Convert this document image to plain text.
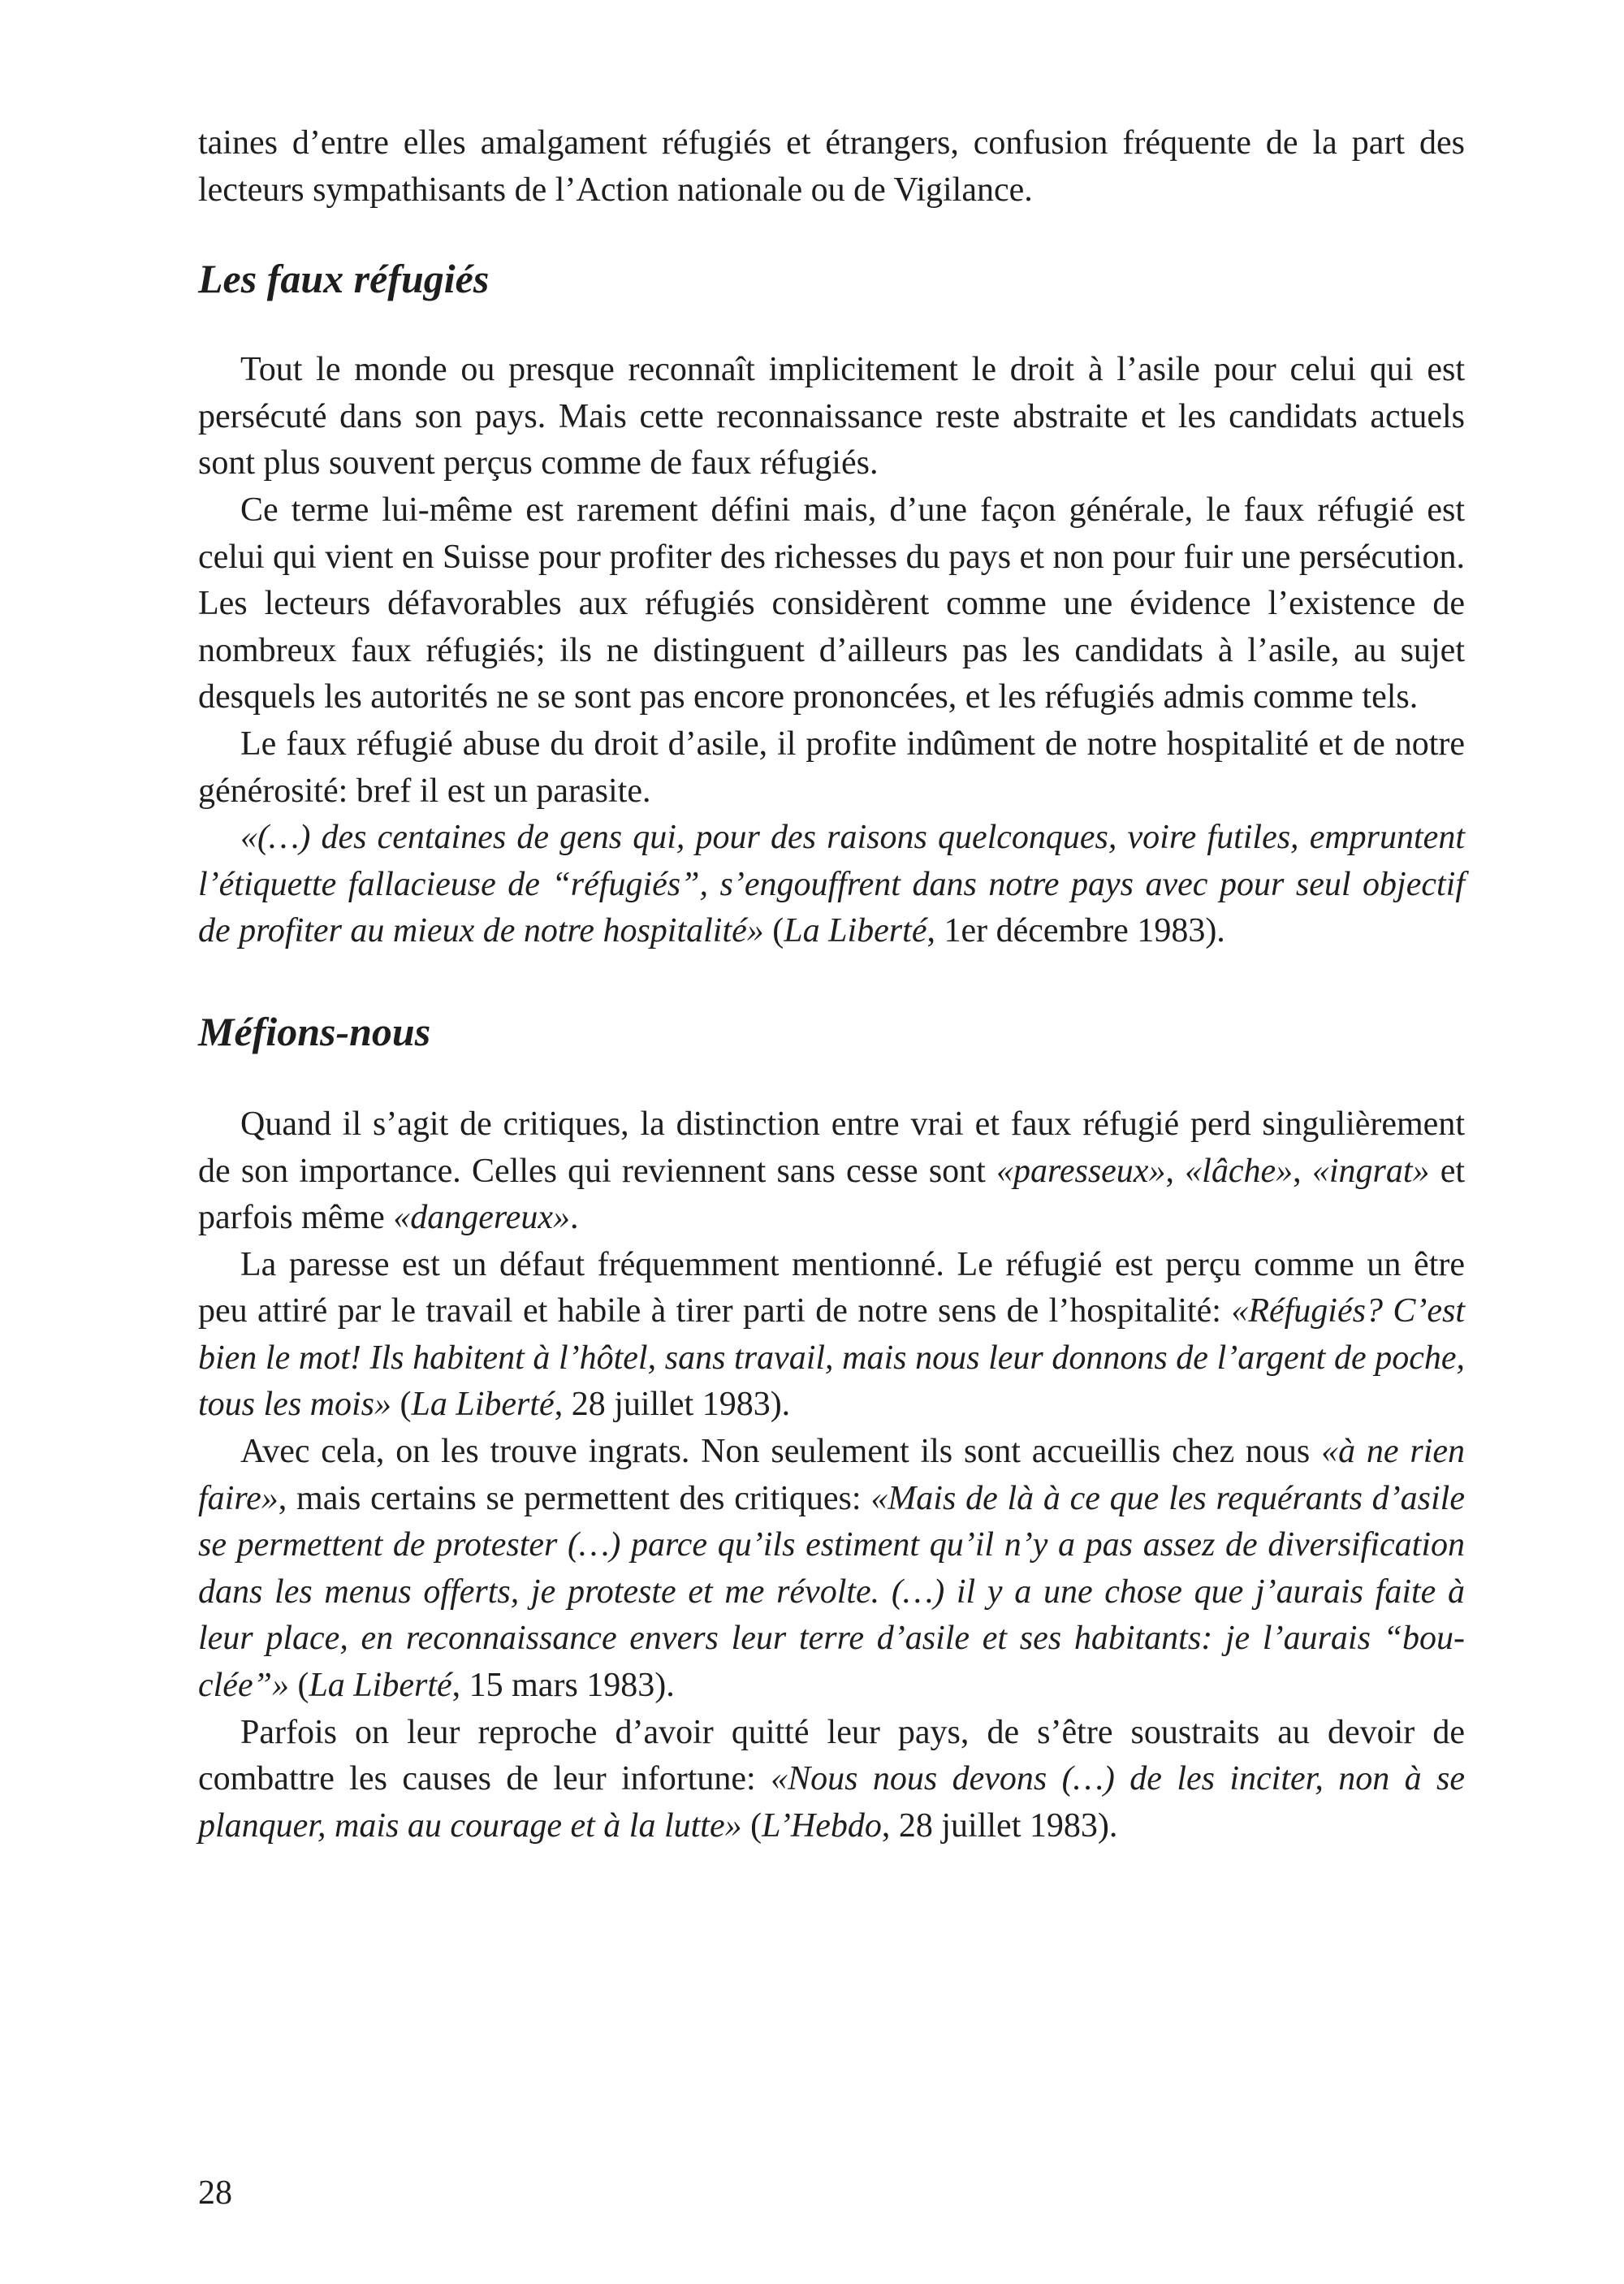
taines d’entre elles amalgament réfugiés et étrangers, confusion fréquente de la part des lecteurs sympathisants de l’Action nationale ou de Vigilance.

Les faux réfugiés

Tout le monde ou presque reconnaît implicitement le droit à l’asile pour celui qui est persécuté dans son pays. Mais cette reconnaissance reste abstraite et les candidats actuels sont plus souvent perçus comme de faux réfugiés.

Ce terme lui-même est rarement défini mais, d’une façon générale, le faux réfugié est celui qui vient en Suisse pour profiter des richesses du pays et non pour fuir une persécution. Les lecteurs défavorables aux réfugiés considèrent comme une évidence l’existence de nombreux faux réfugiés; ils ne distinguent d’ailleurs pas les candidats à l’asile, au sujet desquels les autorités ne se sont pas encore prononcées, et les réfugiés admis comme tels.

Le faux réfugié abuse du droit d’asile, il profite indûment de notre hospitalité et de notre générosité: bref il est un parasite.

«(…) des centaines de gens qui, pour des raisons quelconques, voire futiles, empruntent l’étiquette fallacieuse de “réfugiés”, s’engouffrent dans notre pays avec pour seul objectif de profiter au mieux de notre hospitalité» (La Liberté, 1er décembre 1983).

Méfions-nous

Quand il s’agit de critiques, la distinction entre vrai et faux réfugié perd singulièrement de son importance. Celles qui reviennent sans cesse sont «paresseux», «lâche», «ingrat» et parfois même «dangereux».

La paresse est un défaut fréquemment mentionné. Le réfugié est perçu comme un être peu attiré par le travail et habile à tirer parti de notre sens de l’hospitalité: «Réfugiés? C’est bien le mot! Ils habitent à l’hôtel, sans travail, mais nous leur donnons de l’argent de poche, tous les mois» (La Liberté, 28 juillet 1983).

Avec cela, on les trouve ingrats. Non seulement ils sont accueillis chez nous «à ne rien faire», mais certains se permettent des critiques: «Mais de là à ce que les requérants d’asile se permettent de protester (…) parce qu’ils estiment qu’il n’y a pas assez de diversification dans les menus offerts, je proteste et me révolte. (…) il y a une chose que j’aurais faite à leur place, en reconnaissance envers leur terre d’asile et ses habitants: je l’aurais “bouclée”» (La Liberté, 15 mars 1983).

Parfois on leur reproche d’avoir quitté leur pays, de s’être soustraits au devoir de combattre les causes de leur infortune: «Nous nous devons (…) de les inciter, non à se planquer, mais au courage et à la lutte» (L’Hebdo, 28 juillet 1983).

28
